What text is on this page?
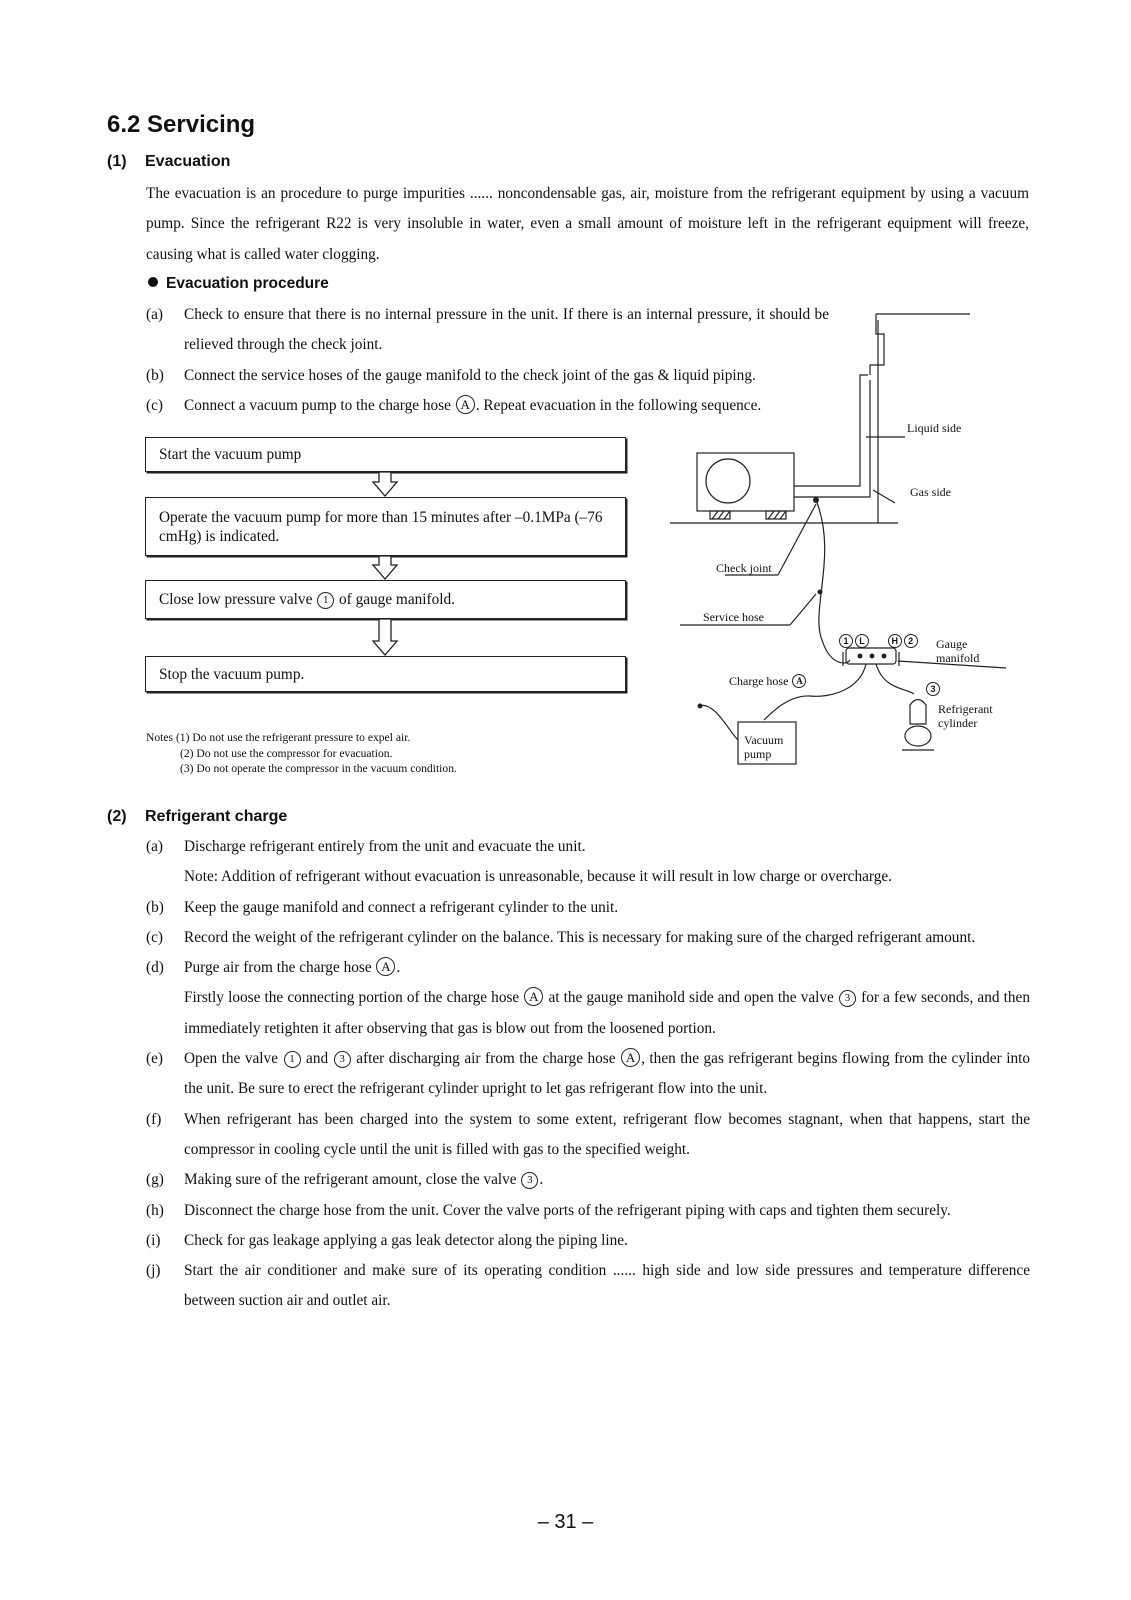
6.2 Servicing
(1) Evacuation
The evacuation is an procedure to purge impurities ...... noncondensable gas, air, moisture from the refrigerant equipment by using a vacuum pump. Since the refrigerant R22 is very insoluble in water, even a small amount of moisture left in the refrigerant equipment will freeze, causing what is called water clogging.
Evacuation procedure
(a) Check to ensure that there is no internal pressure in the unit. If there is an internal pressure, it should be relieved through the check joint.
(b) Connect the service hoses of the gauge manifold to the check joint of the gas & liquid piping.
(c) Connect a vacuum pump to the charge hose A . Repeat evacuation in the following sequence.
Start the vacuum pump
Operate the vacuum pump for more than 15 minutes after –0.1MPa (–76 cmHg) is indicated.
Close low pressure valve 1 of gauge manifold.
Stop the vacuum pump.
Notes (1) Do not use the refrigerant pressure to expel air.
(2) Do not use the compressor for evacuation.
(3) Do not operate the compressor in the vacuum condition.
Liquid side
Gas side
Check joint
Service hose
Charge hose A
1 L	H 2	Gauge
manifold
3
Refrigerant
cylinder
Vacuum
pump
(2) Refrigerant charge
(a) Discharge refrigerant entirely from the unit and evacuate the unit.
Note: Addition of refrigerant without evacuation is unreasonable, because it will result in low charge or overcharge.
(b) Keep the gauge manifold and connect a refrigerant cylinder to the unit.
(c) Record the weight of the refrigerant cylinder on the balance. This is necessary for making sure of the charged refrigerant amount.
(d) Purge air from the charge hose A .
Firstly loose the connecting portion of the charge hose A at the gauge manihold side and open the valve 3 for a few seconds, and then immediately retighten it after observing that gas is blow out from the loosened portion.
(e) Open the valve 1 and 3 after discharging air from the charge hose A , then the gas refrigerant begins flowing from the cylinder into the unit. Be sure to erect the refrigerant cylinder upright to let gas refrigerant flow into the unit.
(f) When refrigerant has been charged into the system to some extent, refrigerant flow becomes stagnant, when that happens, start the compressor in cooling cycle until the unit is filled with gas to the specified weight.
(g) Making sure of the refrigerant amount, close the valve 3 .
(h) Disconnect the charge hose from the unit. Cover the valve ports of the refrigerant piping with caps and tighten them securely.
(i) Check for gas leakage applying a gas leak detector along the piping line.
(j) Start the air conditioner and make sure of its operating condition ...... high side and low side pressures and temperature difference between suction air and outlet air.
– 31 –
